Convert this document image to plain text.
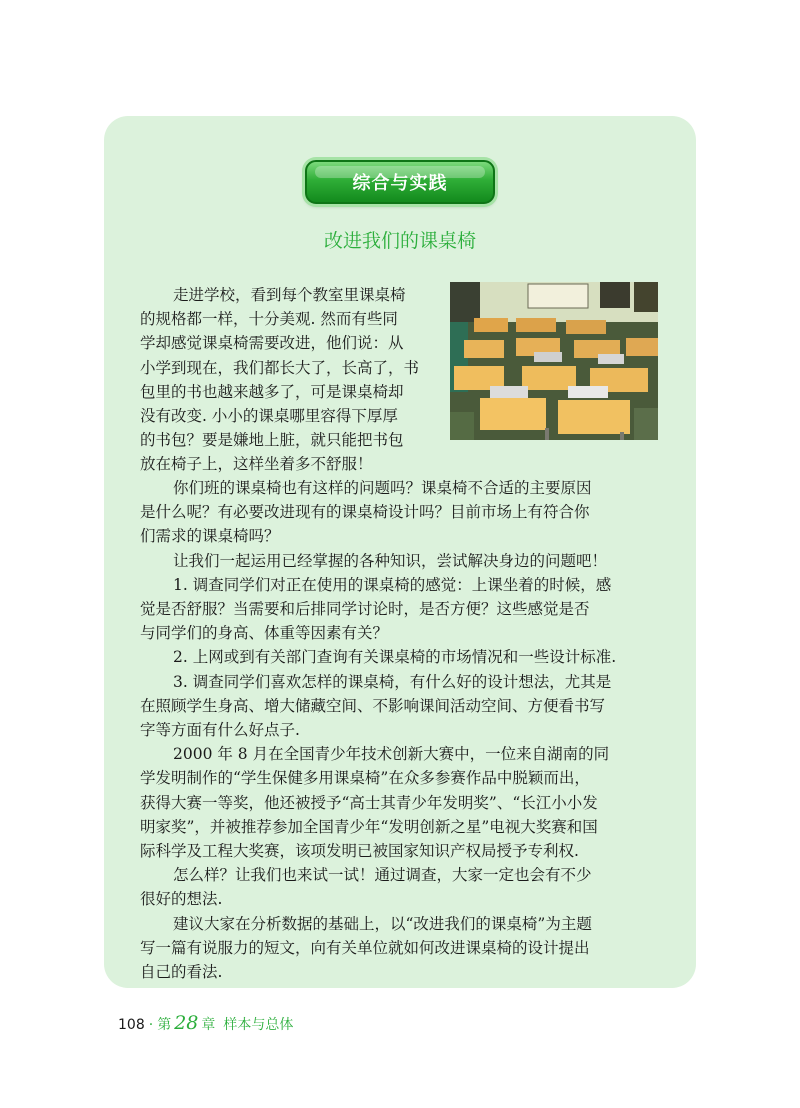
综合与实践
改进我们的课桌椅
走进学校，看到每个教室里课桌椅
的规格都一样，十分美观. 然而有些同
学却感觉课桌椅需要改进，他们说：从
小学到现在，我们都长大了，长高了，书
包里的书也越来越多了，可是课桌椅却
没有改变. 小小的课桌哪里容得下厚厚
的书包？要是嫌地上脏，就只能把书包
放在椅子上，这样坐着多不舒服！
你们班的课桌椅也有这样的问题吗？课桌椅不合适的主要原因
是什么呢？有必要改进现有的课桌椅设计吗？目前市场上有符合你
们需求的课桌椅吗？
让我们一起运用已经掌握的各种知识，尝试解决身边的问题吧！
1. 调查同学们对正在使用的课桌椅的感觉：上课坐着的时候，感
觉是否舒服？当需要和后排同学讨论时，是否方便？这些感觉是否
与同学们的身高、体重等因素有关？
2. 上网或到有关部门查询有关课桌椅的市场情况和一些设计标准.
3. 调查同学们喜欢怎样的课桌椅，有什么好的设计想法，尤其是
在照顾学生身高、增大储藏空间、不影响课间活动空间、方便看书写
字等方面有什么好点子.
2000 年 8 月在全国青少年技术创新大赛中，一位来自湖南的同
学发明制作的“学生保健多用课桌椅”在众多参赛作品中脱颖而出，
获得大赛一等奖，他还被授予“高士其青少年发明奖”、“长江小小发
明家奖”，并被推荐参加全国青少年“发明创新之星”电视大奖赛和国
际科学及工程大奖赛，该项发明已被国家知识产权局授予专利权.
怎么样？让我们也来试一试！通过调查，大家一定也会有不少
很好的想法.
建议大家在分析数据的基础上，以“改进我们的课桌椅”为主题
写一篇有说服力的短文，向有关单位就如何改进课桌椅的设计提出
自己的看法.
108 · 第 28 章 样本与总体
